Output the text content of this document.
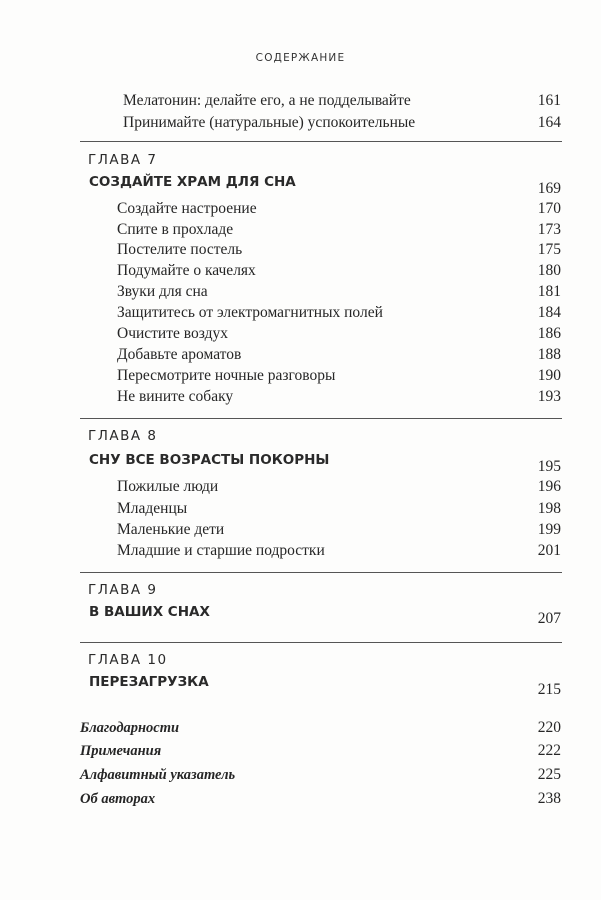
СОДЕРЖАНИЕ
Мелатонин: делайте его, а не подделывайте	161
Принимайте (натуральные) успокоительные	164
ГЛАВА 7
СОЗДАЙТЕ ХРАМ ДЛЯ СНА	169
Создайте настроение	170
Спите в прохладе	173
Постелите постель	175
Подумайте о качелях	180
Звуки для сна	181
Защититесь от электромагнитных полей	184
Очистите воздух	186
Добавьте ароматов	188
Пересмотрите ночные разговоры	190
Не вините собаку	193
ГЛАВА 8
СНУ ВСЕ ВОЗРАСТЫ ПОКОРНЫ	195
Пожилые люди	196
Младенцы	198
Маленькие дети	199
Младшие и старшие подростки	201
ГЛАВА 9
В ВАШИХ СНАХ	207
ГЛАВА 10
ПЕРЕЗАГРУЗКА	215
Благодарности	220
Примечания	222
Алфавитный указатель	225
Об авторах	238
